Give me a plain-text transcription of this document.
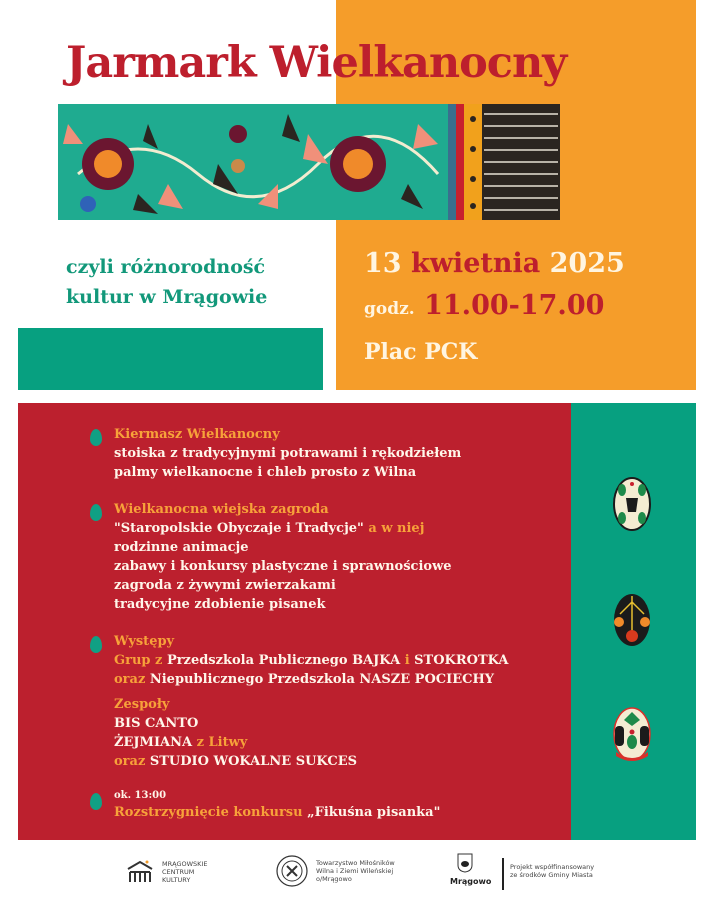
Jarmark Wielkanocny
czyli różnorodność
kultur w Mrągowie
13 kwietnia 2025
godz. 11.00-17.00
Plac PCK
Kiermasz Wielkanocny
stoiska z tradycyjnymi potrawami i rękodziełem
palmy wielkanocne i chleb prosto z Wilna
Wielkanocna wiejska zagroda
"Staropolskie Obyczaje i Tradycje" a w niej
rodzinne animacje
zabawy i konkursy plastyczne i sprawnościowe
zagroda z żywymi zwierzakami
tradycyjne zdobienie pisanek
Występy
Grup z Przedszkola Publicznego BAJKA i STOKROTKA
oraz Niepublicznego Przedszkola NASZE POCIECHY
Zespoły
BIS CANTO
ŻEJMIANA z Litwy
oraz STUDIO WOKALNE SUKCES
ok. 13:00
Rozstrzygnięcie konkursu „Fikuśna pisanka"
MRĄGOWSKIE
CENTRUM
KULTURY
Towarzystwo Miłośników
Wilna i Ziemi Wileńskiej
o/Mrągowo	Mrągowo
Projekt współfinansowany
ze środków Gminy Miasta
